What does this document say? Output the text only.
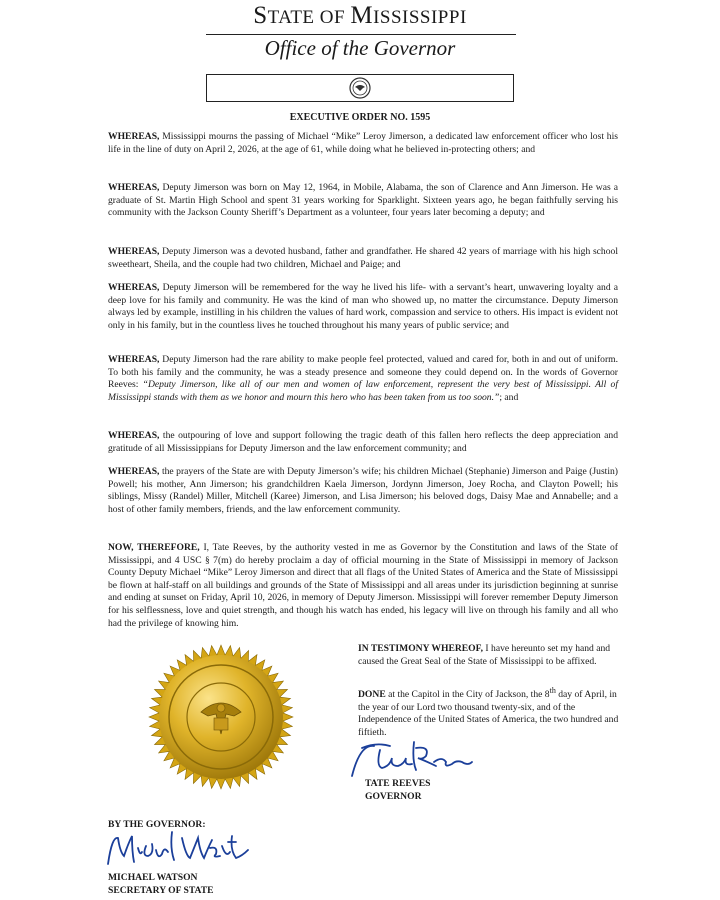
STATE OF MISSISSIPPI
Office of the Governor
EXECUTIVE ORDER NO. 1595

WHEREAS, Mississippi mourns the passing of Michael “Mike” Leroy Jimerson, a dedicated law enforcement officer who lost his life in the line of duty on April 2, 2026, at the age of 61, while doing what he believed in-protecting others; and

WHEREAS, Deputy Jimerson was born on May 12, 1964, in Mobile, Alabama, the son of Clarence and Ann Jimerson. He was a graduate of St. Martin High School and spent 31 years working for Sparklight. Sixteen years ago, he began faithfully serving his community with the Jackson County Sheriff’s Department as a volunteer, four years later becoming a deputy; and

WHEREAS, Deputy Jimerson was a devoted husband, father and grandfather. He shared 42 years of marriage with his high school sweetheart, Sheila, and the couple had two children, Michael and Paige; and

WHEREAS, Deputy Jimerson will be remembered for the way he lived his life- with a servant’s heart, unwavering loyalty and a deep love for his family and community. He was the kind of man who showed up, no matter the circumstance. Deputy Jimerson always led by example, instilling in his children the values of hard work, compassion and service to others. His impact is evident not only in his family, but in the countless lives he touched throughout his many years of public service; and

WHEREAS, Deputy Jimerson had the rare ability to make people feel protected, valued and cared for, both in and out of uniform. To both his family and the community, he was a steady presence and someone they could depend on. In the words of Governor Reeves: “Deputy Jimerson, like all of our men and women of law enforcement, represent the very best of Mississippi. All of Mississippi stands with them as we honor and mourn this hero who has been taken from us too soon.”; and

WHEREAS, the outpouring of love and support following the tragic death of this fallen hero reflects the deep appreciation and gratitude of all Mississippians for Deputy Jimerson and the law enforcement community; and

WHEREAS, the prayers of the State are with Deputy Jimerson’s wife; his children Michael (Stephanie) Jimerson and Paige (Justin) Powell; his mother, Ann Jimerson; his grandchildren Kaela Jimerson, Jordynn Jimerson, Joey Rocha, and Clayton Powell; his siblings, Missy (Randel) Miller, Mitchell (Karee) Jimerson, and Lisa Jimerson; his beloved dogs, Daisy Mae and Annabelle; and a host of other family members, friends, and the law enforcement community.

NOW, THEREFORE, I, Tate Reeves, by the authority vested in me as Governor by the Constitution and laws of the State of Mississippi, and 4 USC § 7(m) do hereby proclaim a day of official mourning in the State of Mississippi in memory of Jackson County Deputy Michael “Mike” Leroy Jimerson and direct that all flags of the United States of America and the State of Mississippi be flown at half-staff on all buildings and grounds of the State of Mississippi and all areas under its jurisdiction beginning at sunrise and ending at sunset on Friday, April 10, 2026, in memory of Deputy Jimerson. Mississippi will forever remember Deputy Jimerson for his selflessness, love and quiet strength, and though his watch has ended, his legacy will live on through his family and all who had the privilege of knowing him.

IN TESTIMONY WHEREOF, I have hereunto set my hand and caused the Great Seal of the State of Mississippi to be affixed.

DONE at the Capitol in the City of Jackson, the 8th day of April, in the year of our Lord two thousand twenty-six, and of the Independence of the United States of America, the two hundred and fiftieth.

TATE REEVES
GOVERNOR
BY THE GOVERNOR:
MICHAEL WATSON
SECRETARY OF STATE
